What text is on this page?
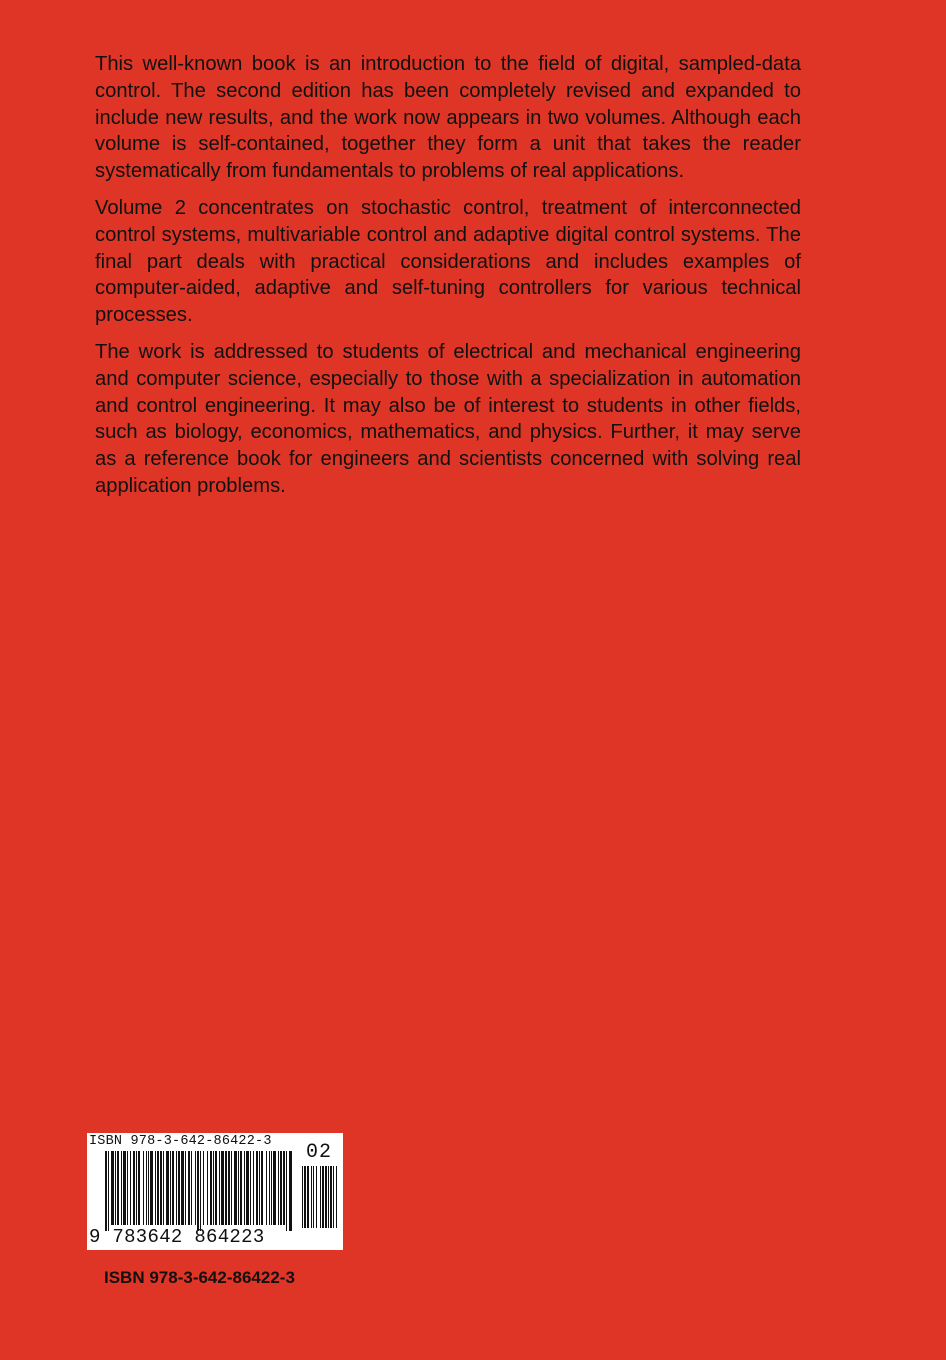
This well-known book is an introduction to the field of digital, sampled-data control. The second edition has been completely revised and expanded to include new results, and the work now appears in two volumes. Although each volume is self-contained, together they form a unit that takes the reader systematically from fundamentals to problems of real applications.

Volume 2 concentrates on stochastic control, treatment of interconnected control systems, multivariable control and adaptive digital control systems. The final part deals with practical considerations and includes examples of computer-aided, adaptive and self-tuning controllers for various technical processes.

The work is addressed to students of electrical and mechanical engineering and computer science, especially to those with a specialization in automation and control engineering. It may also be of interest to students in other fields, such as biology, economics, mathematics, and physics. Further, it may serve as a reference book for engineers and scientists concerned with solving real application problems.

ISBN 978-3-642-86422-3 02
9 783642 864223
ISBN 978-3-642-86422-3
